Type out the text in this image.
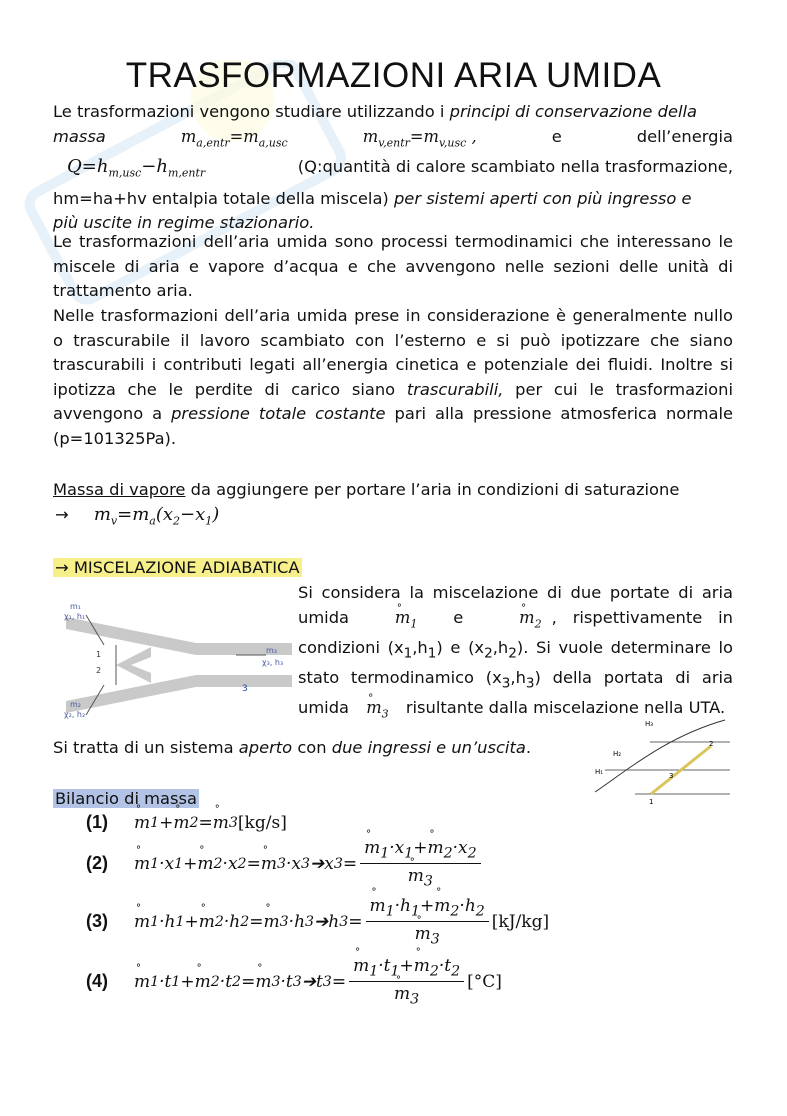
TRASFORMAZIONI ARIA UMIDA
Le trasformazioni vengono studiare utilizzando i principi di conservazione della
massa	$m_{a,entr}=m_{a,usc}$	$m_{v,entr}=m_{v,usc}$ ,	e	dell’energia
$Q=h_{m,usc}-h_{m,entr}$	(Q:quantità di calore scambiato nella trasformazione,
hm=ha+hv entalpia totale della miscela) per sistemi aperti con più ingresso e
più uscite in regime stazionario.
Le trasformazioni dell’aria umida sono processi termodinamici che interessano le miscele di aria e vapore d’acqua e che avvengono nelle sezioni delle unità di trattamento aria.
Nelle trasformazioni dell’aria umida prese in considerazione è generalmente nullo o trascurabile il lavoro scambiato con l’esterno e si può ipotizzare che siano trascurabili i contributi legati all’energia cinetica e potenziale dei fluidi. Inoltre si ipotizza che le perdite di carico siano trascurabili, per cui le trasformazioni avvengono a pressione totale costante pari alla pressione atmosferica normale (p=101325Pa).
Massa di vapore da aggiungere per portare l’aria in condizioni di saturazione
→ $m_v=m_a(x_2-x_1)$
→ MISCELAZIONE ADIABATICA
m₁
χ₁, h₁
m₂
χ₂, h₂
m₃
χ₃, h₃
1
2
3
Si considera la miscelazione di due portate di aria umida	° $m_1$ e	° $m_2$ , rispettivamente in condizioni $(x_1,h_1)$ e $(x_2,h_2)$. Si vuole determinare lo stato termodinamico $(x_3,h_3)$ della portata di aria umida ° $m_3$ risultante dalla miscelazione nella UTA.
H₃
H₂
H₁
1
2
3
Si tratta di un sistema aperto con due ingressi e un’uscita.
Bilancio di massa
(1)	° m 1 + ° m 2 = ° m 3 [kg/s]
(2)	° m 1 ·x 1 + ° m 2 ·x 2 = ° m 3 ·x 3 ➔x 3 = ° $m_1\cdot x_1+^\circ$ $m_2\cdot x_2$
° $m_3$
(3)	° m 1 ·h 1 + ° m 2 ·h 2 = ° m 3 ·h 3 ➔h 3 = ° $m_1\cdot h_1+^\circ$ $m_2\cdot h_2$
° $m_3$ [kJ/kg]
(4)	° m 1 ·t 1 + ° m 2 ·t 2 = ° m 3 ·t 3 ➔t 3 = ° $m_1\cdot t_1+^\circ$ $m_2\cdot t_2$
° $m_3$ [°C]
